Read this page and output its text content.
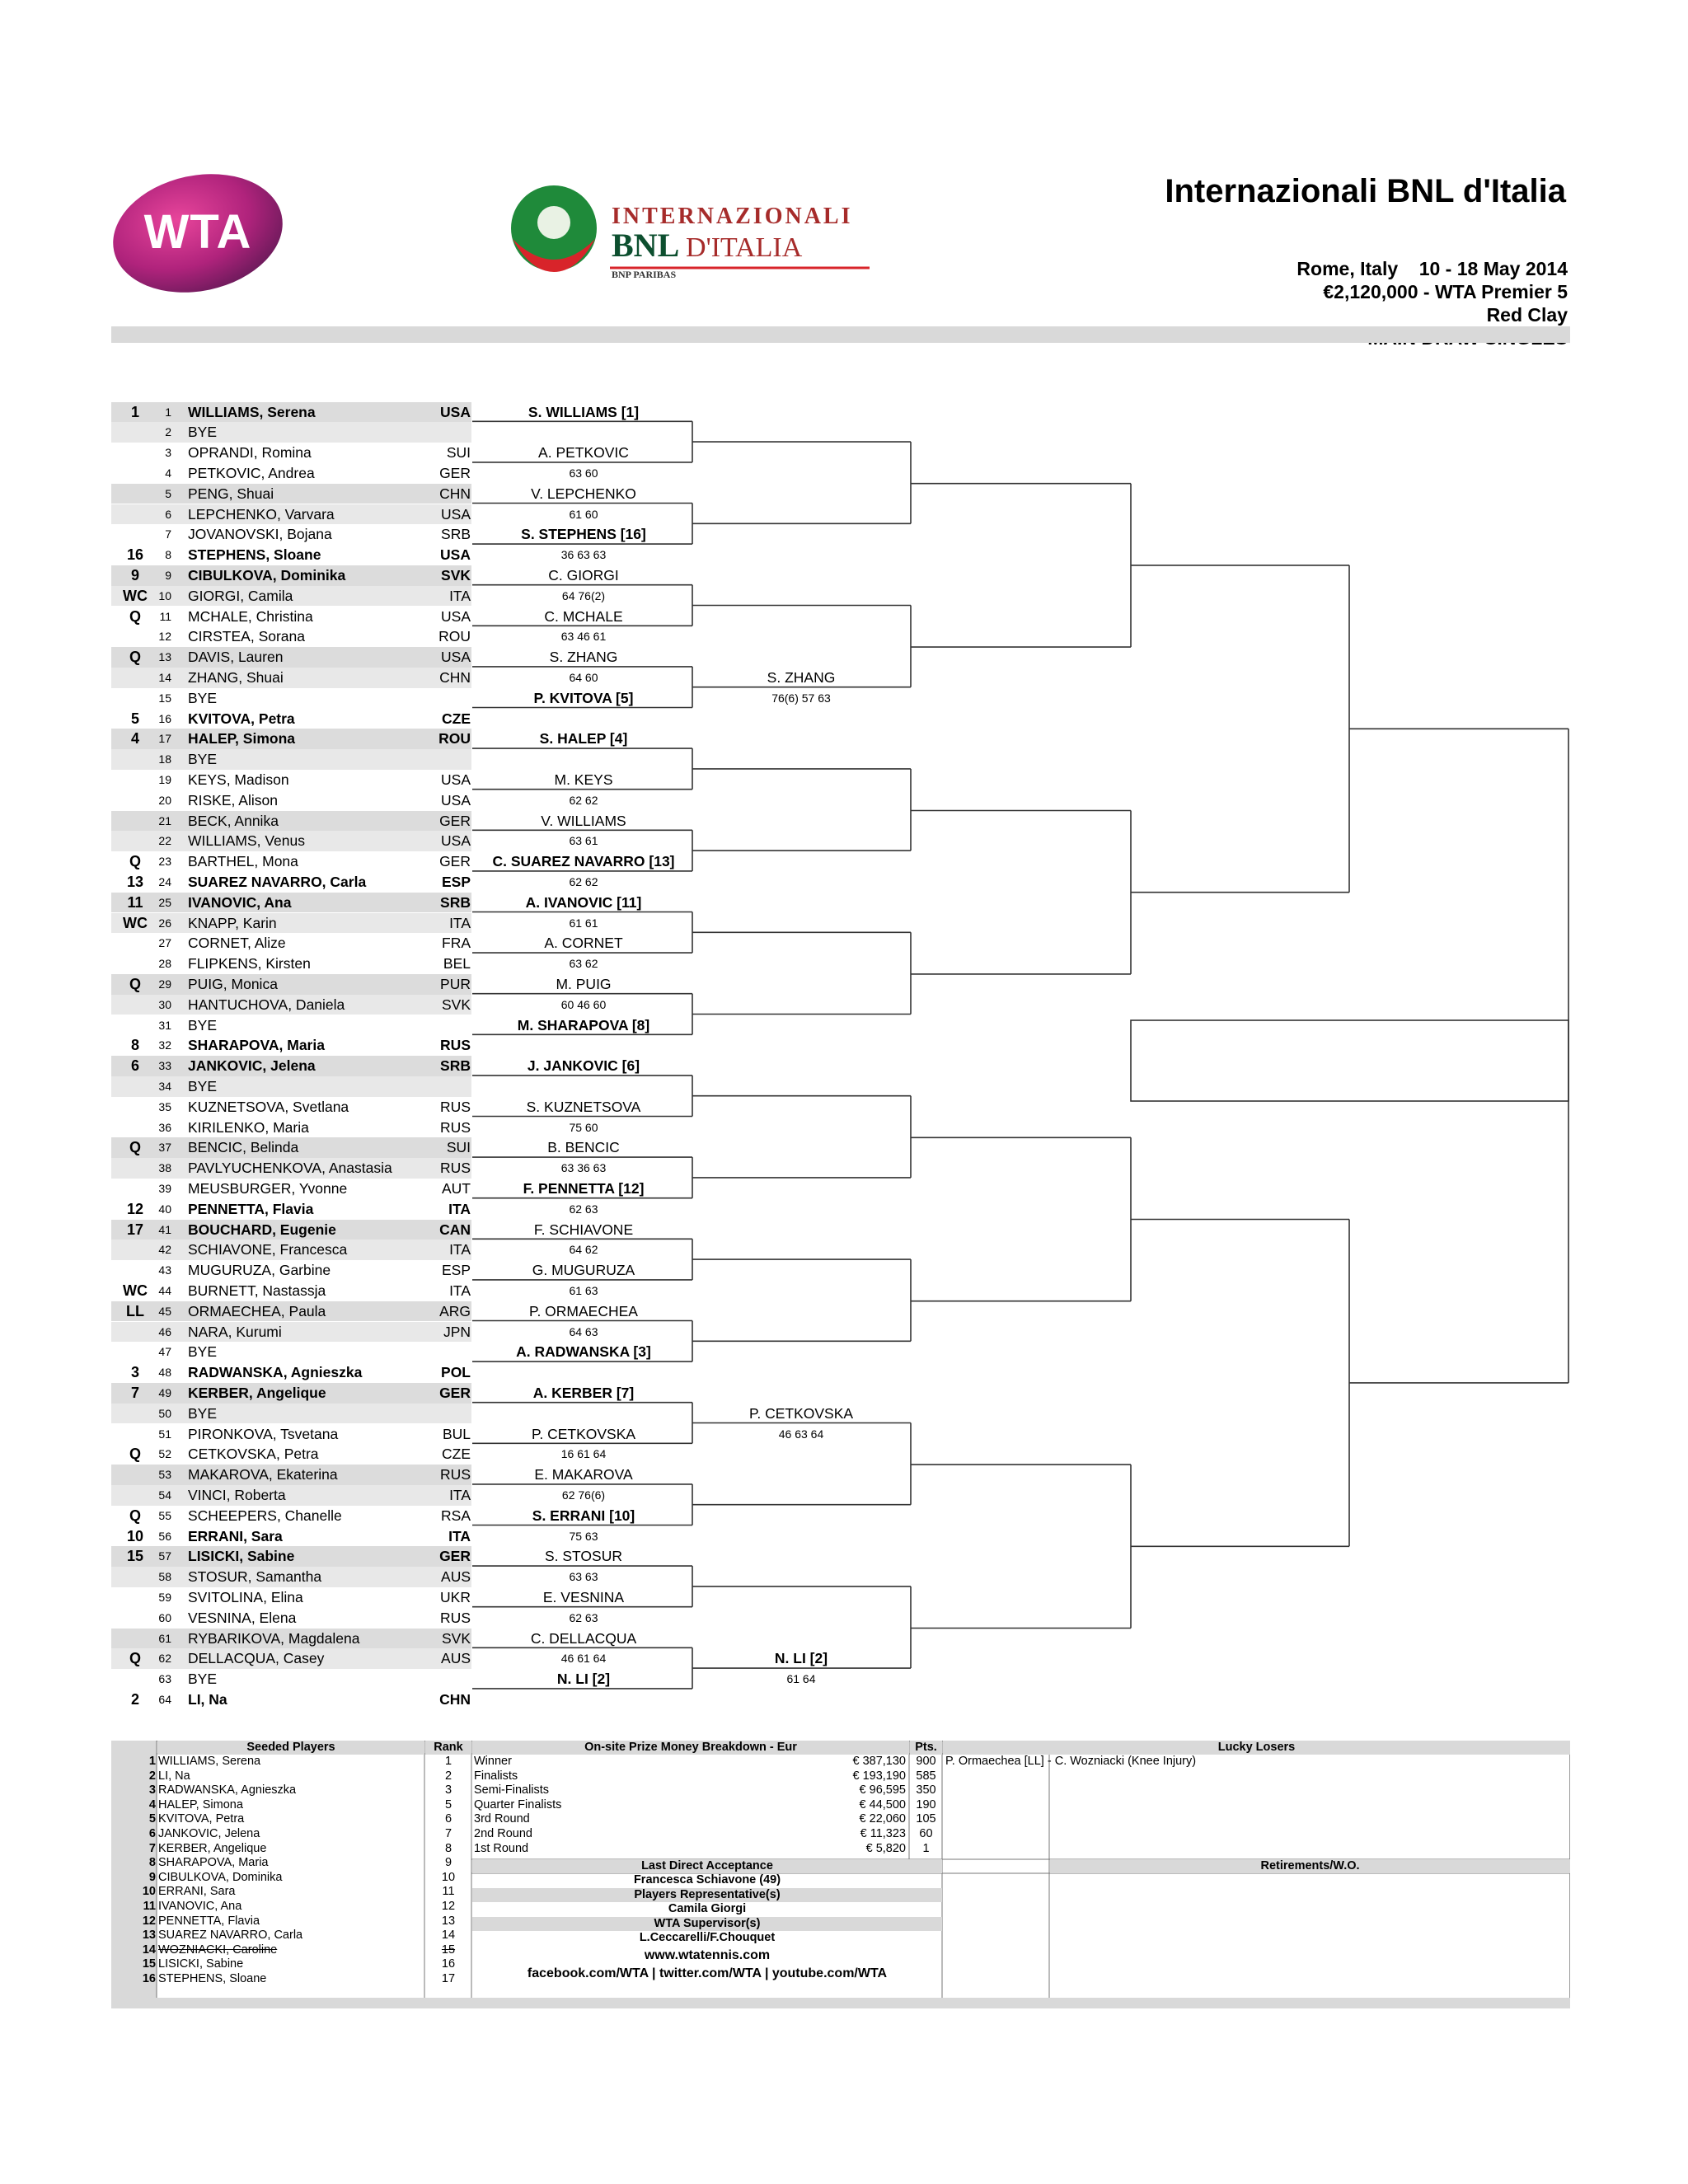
WTA	INTERNAZIONALI
BNL D'ITALIA
BNP PARIBAS
Internazionali BNL d'Italia
Rome, Italy 10 - 18 May 2014
€2,120,000 - WTA Premier 5
Red Clay
1	1 WILLIAMS, Serena	USA
2 BYE
3 OPRANDI, Romina	SUI
4 PETKOVIC, Andrea	GER
5 PENG, Shuai	CHN
6 LEPCHENKO, Varvara	USA
7 JOVANOVSKI, Bojana	SRB
16	8 STEPHENS, Sloane	USA
9	9 CIBULKOVA, Dominika	SVK
WC 10 GIORGI, Camila	ITA
Q	11 MCHALE, Christina	USA
12 CIRSTEA, Sorana	ROU
Q	13 DAVIS, Lauren	USA
14 ZHANG, Shuai	CHN
15 BYE
5	16 KVITOVA, Petra	CZE
4	17 HALEP, Simona	ROU
18 BYE
19 KEYS, Madison	USA
20 RISKE, Alison	USA
21 BECK, Annika	GER
22 WILLIAMS, Venus	USA
Q	23 BARTHEL, Mona	GER
13	24 SUAREZ NAVARRO, Carla	ESP
11	25 IVANOVIC, Ana	SRB
WC 26 KNAPP, Karin	ITA
27 CORNET, Alize	FRA
28 FLIPKENS, Kirsten	BEL
Q	29 PUIG, Monica	PUR
30 HANTUCHOVA, Daniela	SVK
31 BYE
8	32 SHARAPOVA, Maria	RUS
6	33 JANKOVIC, Jelena	SRB
34 BYE
35 KUZNETSOVA, Svetlana	RUS
36 KIRILENKO, Maria	RUS
Q	37 BENCIC, Belinda	SUI
38 PAVLYUCHENKOVA, Anastasia	RUS
39 MEUSBURGER, Yvonne	AUT
12	40 PENNETTA, Flavia	ITA
17	41 BOUCHARD, Eugenie	CAN
42 SCHIAVONE, Francesca	ITA
43 MUGURUZA, Garbine	ESP
WC 44 BURNETT, Nastassja	ITA
LL	45 ORMAECHEA, Paula	ARG
46 NARA, Kurumi	JPN
47 BYE
3	48 RADWANSKA, Agnieszka	POL
7	49 KERBER, Angelique	GER
50 BYE
51 PIRONKOVA, Tsvetana	BUL
Q	52 CETKOVSKA, Petra	CZE
53 MAKAROVA, Ekaterina	RUS
54 VINCI, Roberta	ITA
Q	55 SCHEEPERS, Chanelle	RSA
10	56 ERRANI, Sara	ITA
15	57 LISICKI, Sabine	GER
58 STOSUR, Samantha	AUS
59 SVITOLINA, Elina	UKR
60 VESNINA, Elena	RUS
61 RYBARIKOVA, Magdalena	SVK
Q	62 DELLACQUA, Casey	AUS
63 BYE
2	64 LI, Na	CHN
S. WILLIAMS [1]
A. PETKOVIC
63 60
V. LEPCHENKO
61 60
S. STEPHENS [16]
36 63 63
C. GIORGI
64 76(2)
C. MCHALE
63 46 61
S. ZHANG
64 60
P. KVITOVA [5]
S. HALEP [4]
M. KEYS
62 62
V. WILLIAMS
63 61
C. SUAREZ NAVARRO [13]
62 62
A. IVANOVIC [11]
61 61
A. CORNET
63 62
M. PUIG
60 46 60
M. SHARAPOVA [8]
J. JANKOVIC [6]
S. KUZNETSOVA
75 60
B. BENCIC
63 36 63
F. PENNETTA [12]
62 63
F. SCHIAVONE
64 62
G. MUGURUZA
61 63
P. ORMAECHEA
64 63
A. RADWANSKA [3]
A. KERBER [7]
P. CETKOVSKA
16 61 64
E. MAKAROVA
62 76(6)
S. ERRANI [10]
75 63
S. STOSUR
63 63
E. VESNINA
62 63
C. DELLACQUA
46 61 64
N. LI [2]
S. ZHANG
76(6) 57 63
P. CETKOVSKA
46 63 64
N. LI [2]
61 64
Seeded Players	Rank	On-site Prize Money Breakdown - Eur	Pts.	Lucky Losers
1 WILLIAMS, Serena	1
2 LI, Na	2
3 RADWANSKA, Agnieszka	3
4 HALEP, Simona	5
5 KVITOVA, Petra	6
6 JANKOVIC, Jelena	7
7 KERBER, Angelique	8
8 SHARAPOVA, Maria	9
9 CIBULKOVA, Dominika	10
10 ERRANI, Sara	11
11 IVANOVIC, Ana	12
12 PENNETTA, Flavia	13
13 SUAREZ NAVARRO, Carla	14
14 WOZNIACKI, Caroline	15
15 LISICKI, Sabine	16
16 STEPHENS, Sloane	17
Winner	€ 387,130 900
Finalists	€ 193,190 585
Semi-Finalists	€ 96,595 350
Quarter Finalists	€ 44,500 190
3rd Round	€ 22,060 105
2nd Round	€ 11,323	60
1st Round	€ 5,820	1
P. Ormaechea [LL] - C. Wozniacki (Knee Injury)
Last Direct Acceptance	Retirements/W.O.
Francesca Schiavone (49)
Players Representative(s)
Camila Giorgi
WTA Supervisor(s)
L.Ceccarelli/F.Chouquet
www.wtatennis.com
facebook.com/WTA | twitter.com/WTA | youtube.com/WTA
